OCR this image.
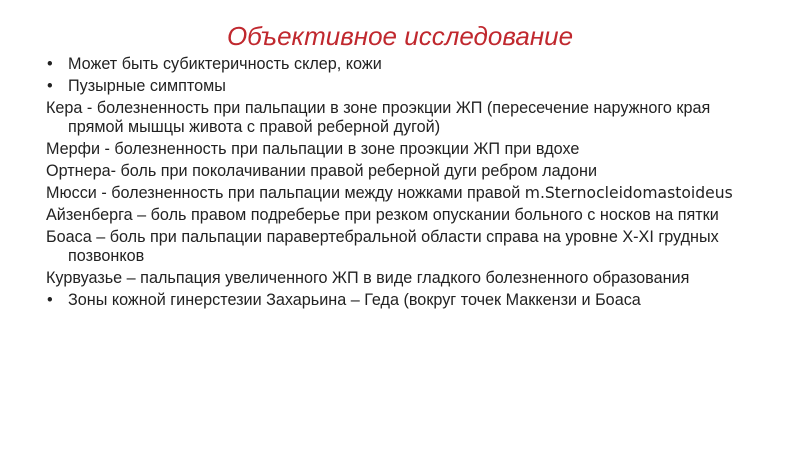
Объективное исследование
• Может быть субиктеричность склер, кожи
• Пузырные симптомы
Кера - болезненность при пальпации в зоне проэкции ЖП (пересечение наружного края прямой мышцы живота с правой реберной дугой)
Мерфи - болезненность при пальпации в зоне проэкции ЖП при вдохе
Ортнера- боль при поколачивании правой реберной дуги ребром ладони
Мюсси - болезненность при пальпации между ножками правой m.Sternocleidomastoideus
Айзенберга – боль правом подреберье при резком опускании больного с носков на пятки
Боаса – боль при пальпации паравертебральной области справа на уровне X-XI грудных позвонков
Курвуазье – пальпация увеличенного ЖП в виде гладкого болезненного образования
• Зоны кожной гинерстезии Захарьина – Геда (вокруг точек Маккензи и Боаса
